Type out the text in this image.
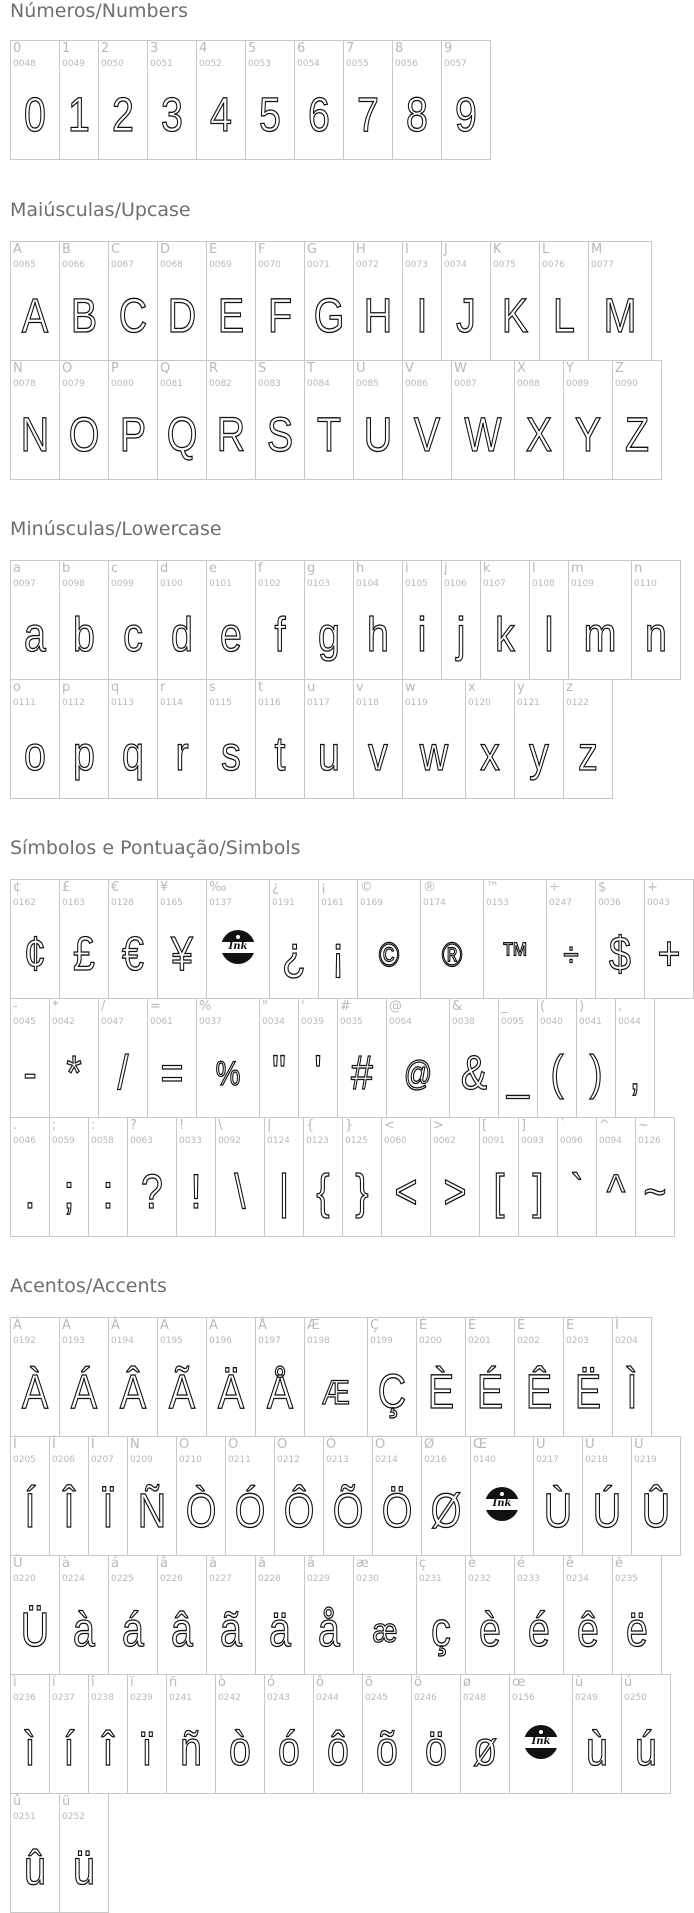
Números/Numbers
0
0048
0
1
0049
1
2
0050
2
3
0051
3
4
0052
4
5
0053
5
6
0054
6
7
0055
7
8
0056
8
9
0057
9
Maiúsculas/Upcase
A
0065
A
B
0066
B
C
0067
C
D
0068
D
E
0069
E
F
0070
F
G
0071
G
H
0072
H
I
0073
I
J
0074
J
K
0075
K
L
0076
L
M
0077
M
N
0078
N
O
0079
O
P
0080
P
Q
0081
Q
R
0082
R
S
0083
S
T
0084
T
U
0085
U
V
0086
V
W
0087
W
X
0088
X
Y
0089
Y
Z
0090
Z
Minúsculas/Lowercase
a
0097
a
b
0098
b
c
0099
c
d
0100
d
e
0101
e
f
0102
f
g
0103
g
h
0104
h
i
0105
i
j
0106
j
k
0107
k
l
0108
l
m
0109
m
n
0110
n
o
0111
o
p
0112
p
q
0113
q
r
0114
r
s
0115
s
t
0116
t
u
0117
u
v
0118
v
w
0119
w
x
0120
x
y
0121
y
z
0122
z
Símbolos e Pontuação/Simbols
¢
0162
¢
£
0163
£
€
0128
€
¥
0165
¥
‰
0137
Ink
¿
0191
¿
¡
0161
¡
©
0169
©
®
0174
®
™
0153
™
÷
0247
÷
$
0036
$
+
0043
+
-
0045
-
*
0042
*
/
0047
/
=
0061
=
%
0037
%
"
0034
"
'
0039
'
#
0035
#
@
0064
@
&
0038
&
_
0095
_
(
0040
(
)
0041
)
,
0044
,
.
0046
.
;
0059
;
:
0058
:
?
0063
?
!
0033
!
\
0092
\
|
0124
|
{
0123
{
}
0125
}
<
0060
<
>
0062
>
[
0091
[
]
0093
]
`
0096
`
^
0094
^
~
0126
~
Acentos/Accents
À
0192
À
Á
0193
Á
Â
0194
Â
Ã
0195
Ã
Ä
0196
Ä
Å
0197
Å
Æ
0198
Æ
Ç
0199
Ç
È
0200
È
É
0201
É
Ê
0202
Ê
Ë
0203
Ë
Ì
0204
Ì
Í
0205
Í
Î
0206
Î
Ï
0207
Ï
Ñ
0209
Ñ
Ò
0210
Ò
Ó
0211
Ó
Ô
0212
Ô
Õ
0213
Õ
Ö
0214
Ö
Ø
0216
Ø
Œ
0140
Ink
Ù
0217
Ù
Ú
0218
Ú
Û
0219
Û
Ü
0220
Ü
à
0224
à
á
0225
á
â
0226
â
ã
0227
ã
ä
0228
ä
å
0229
å
æ
0230
æ
ç
0231
ç
è
0232
è
é
0233
é
ê
0234
ê
ë
0235
ë
ì
0236
ì
í
0237
í
î
0238
î
ï
0239
ï
ñ
0241
ñ
ò
0242
ò
ó
0243
ó
ô
0244
ô
õ
0245
õ
ö
0246
ö
ø
0248
ø
œ
0156
Ink
ù
0249
ù
ú
0250
ú
û
0251
û
ü
0252
ü
